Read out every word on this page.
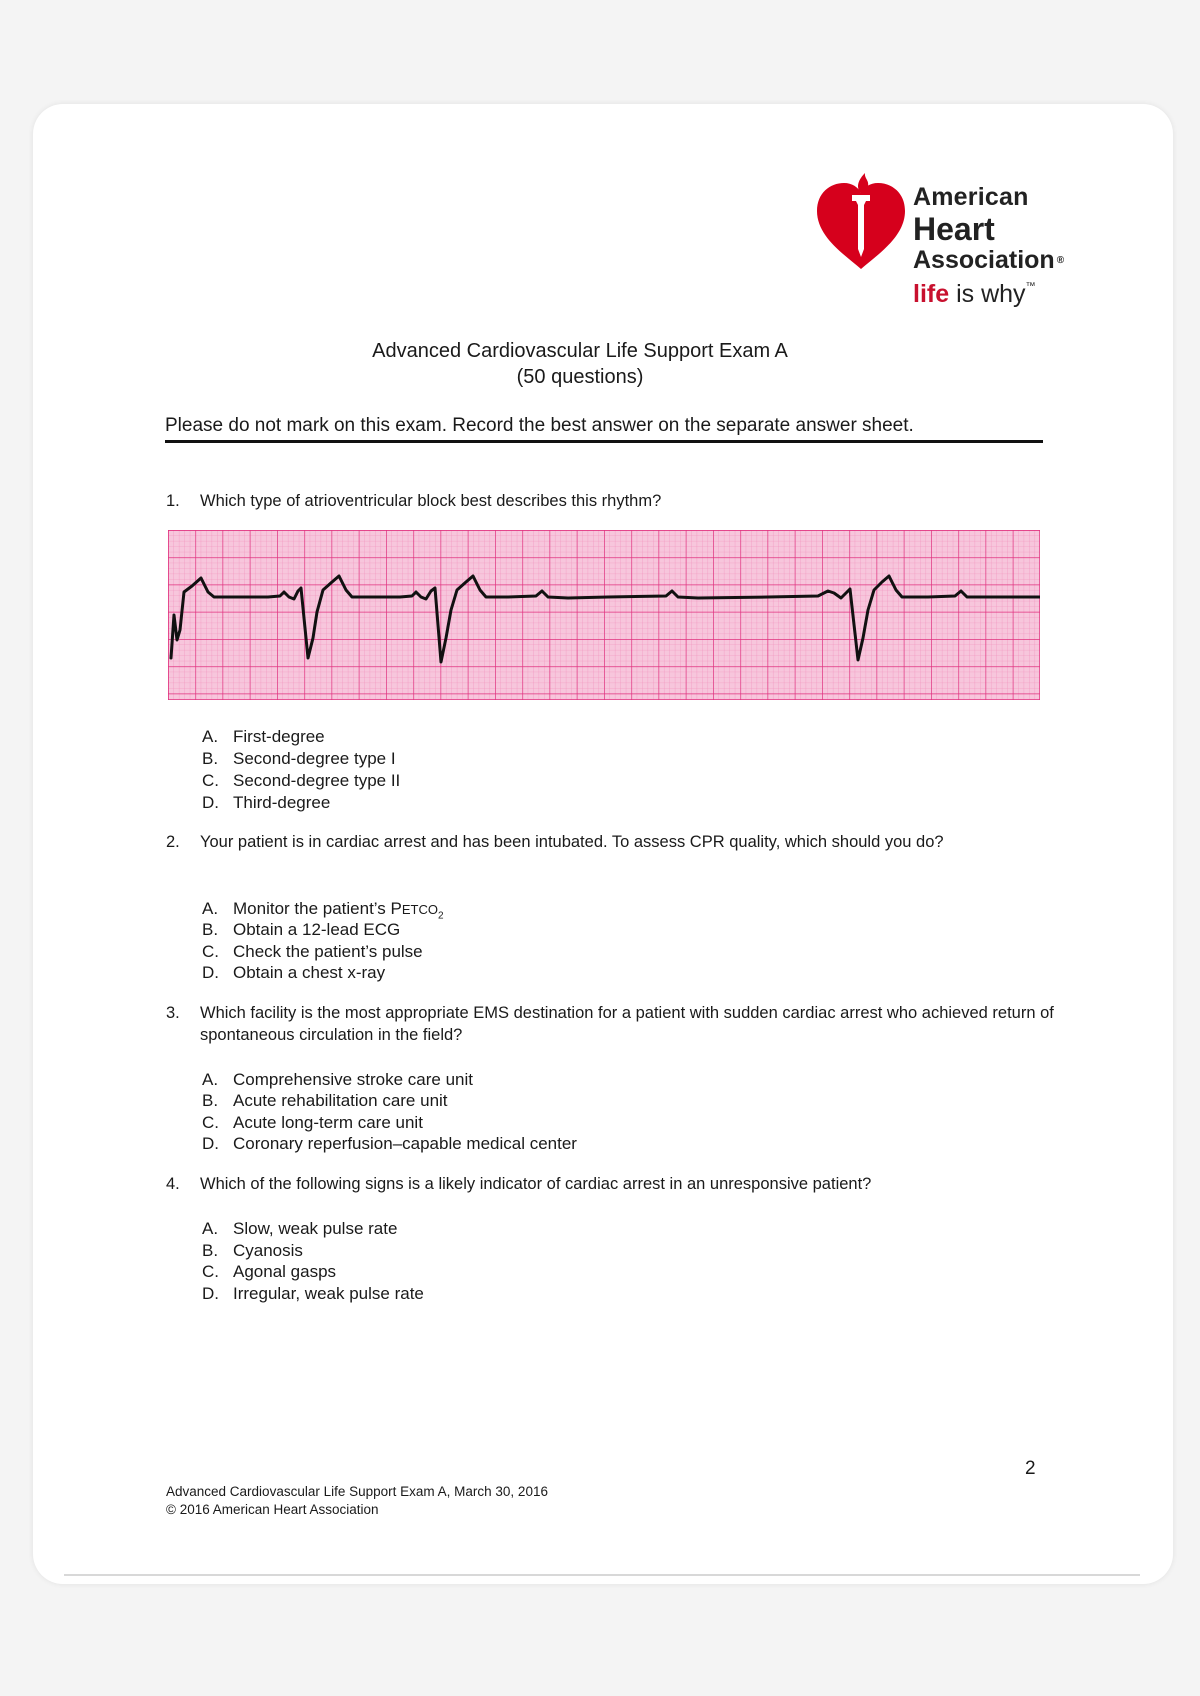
American
Heart
Association ®
life is why™
Advanced Cardiovascular Life Support Exam A
(50 questions)
Please do not mark on this exam. Record the best answer on the separate answer sheet.
1.	Which type of atrioventricular block best describes this rhythm?
A. First-degree
B. Second-degree type I
C. Second-degree type II
D. Third-degree
2.	Your patient is in cardiac arrest and has been intubated. To assess CPR quality, which should you do?
A. Monitor the patient’s $PETCO_2$
B. Obtain a 12-lead ECG
C. Check the patient’s pulse
D. Obtain a chest x-ray
3.	Which facility is the most appropriate EMS destination for a patient with sudden cardiac arrest who achieved return of spontaneous circulation in the field?
A. Comprehensive stroke care unit
B. Acute rehabilitation care unit
C. Acute long-term care unit
D. Coronary reperfusion–capable medical center
4.	Which of the following signs is a likely indicator of cardiac arrest in an unresponsive patient?
A. Slow, weak pulse rate
B. Cyanosis
C. Agonal gasps
D. Irregular, weak pulse rate
2
Advanced Cardiovascular Life Support Exam A, March 30, 2016
© 2016 American Heart Association
